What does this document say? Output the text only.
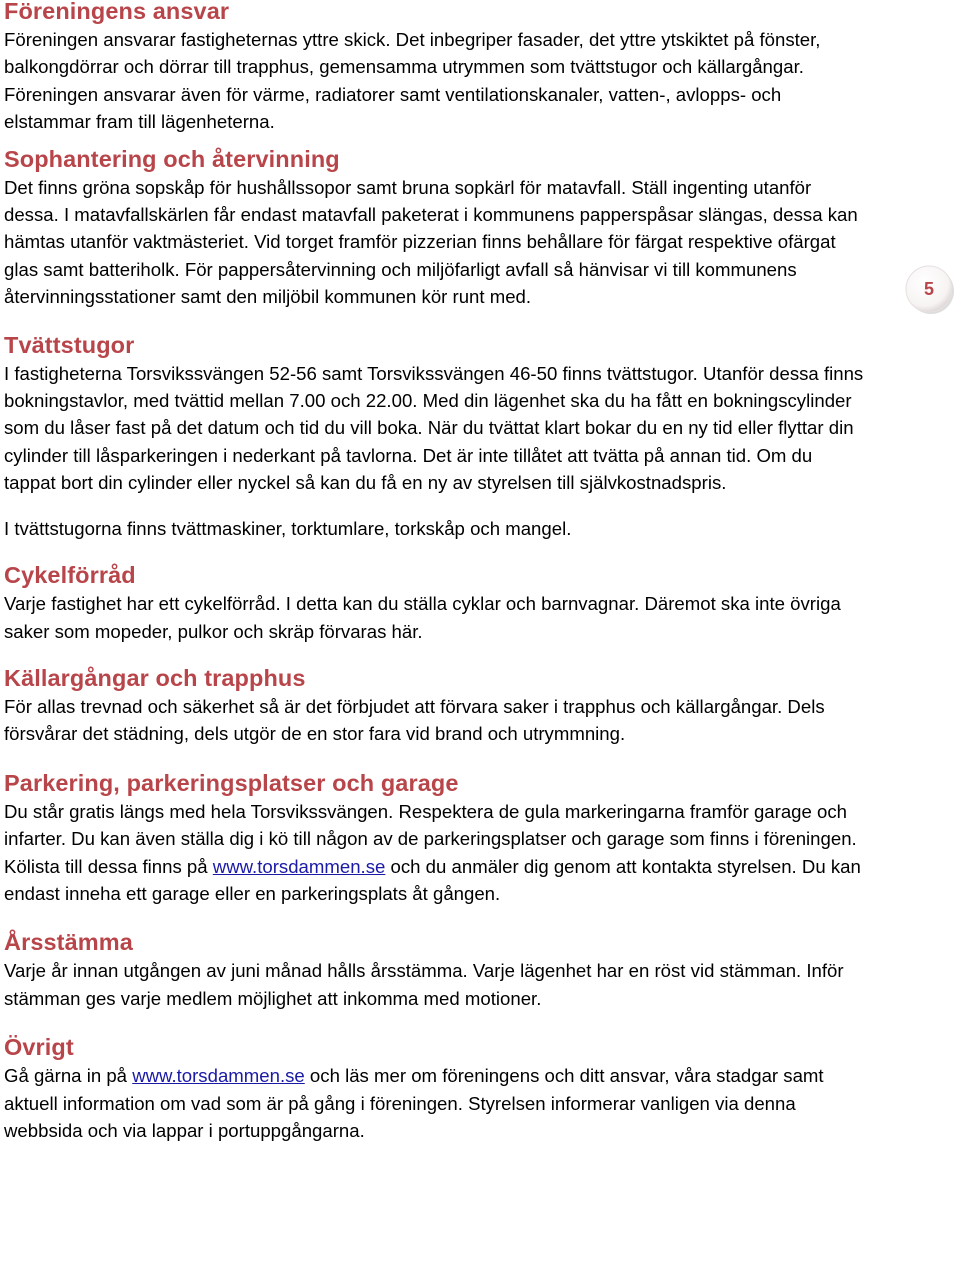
Föreningens ansvar

Föreningen ansvarar fastigheternas yttre skick. Det inbegriper fasader, det yttre ytskiktet på fönster, balkongdörrar och dörrar till trapphus, gemensamma utrymmen som tvättstugor och källargångar. Föreningen ansvarar även för värme, radiatorer samt ventilationskanaler, vatten-, avlopps- och elstammar fram till lägenheterna.

Sophantering och återvinning

Det finns gröna sopskåp för hushållssopor samt bruna sopkärl för matavfall. Ställ ingenting utanför dessa. I matavfallskärlen får endast matavfall paketerat i kommunens papperspåsar slängas, dessa kan hämtas utanför vaktmästeriet. Vid torget framför pizzerian finns behållare för färgat respektive ofärgat glas samt batteriholk. För pappersåtervinning och miljöfarligt avfall så hänvisar vi till kommunens återvinningsstationer samt den miljöbil kommunen kör runt med.

Tvättstugor

I fastigheterna Torsvikssvängen 52-56 samt Torsvikssvängen 46-50 finns tvättstugor. Utanför dessa finns bokningstavlor, med tvättid mellan 7.00 och 22.00. Med din lägenhet ska du ha fått en bokningscylinder som du låser fast på det datum och tid du vill boka. När du tvättat klart bokar du en ny tid eller flyttar din cylinder till låsparkeringen i nederkant på tavlorna. Det är inte tillåtet att tvätta på annan tid. Om du tappat bort din cylinder eller nyckel så kan du få en ny av styrelsen till självkostnadspris.

I tvättstugorna finns tvättmaskiner, torktumlare, torkskåp och mangel.

Cykelförråd

Varje fastighet har ett cykelförråd. I detta kan du ställa cyklar och barnvagnar. Däremot ska inte övriga saker som mopeder, pulkor och skräp förvaras här.

Källargångar och trapphus

För allas trevnad och säkerhet så är det förbjudet att förvara saker i trapphus och källargångar. Dels försvårar det städning, dels utgör de en stor fara vid brand och utrymmning.

Parkering, parkeringsplatser och garage

Du står gratis längs med hela Torsvikssvängen. Respektera de gula markeringarna framför garage och infarter. Du kan även ställa dig i kö till någon av de parkeringsplatser och garage som finns i föreningen. Kölista till dessa finns på www.torsdammen.se och du anmäler dig genom att kontakta styrelsen. Du kan endast inneha ett garage eller en parkeringsplats åt gången.

Årsstämma

Varje år innan utgången av juni månad hålls årsstämma. Varje lägenhet har en röst vid stämman. Inför stämman ges varje medlem möjlighet att inkomma med motioner.

Övrigt

Gå gärna in på www.torsdammen.se och läs mer om föreningens och ditt ansvar, våra stadgar samt aktuell information om vad som är på gång i föreningen. Styrelsen informerar vanligen via denna webbsida och via lappar i portuppgångarna.

5
